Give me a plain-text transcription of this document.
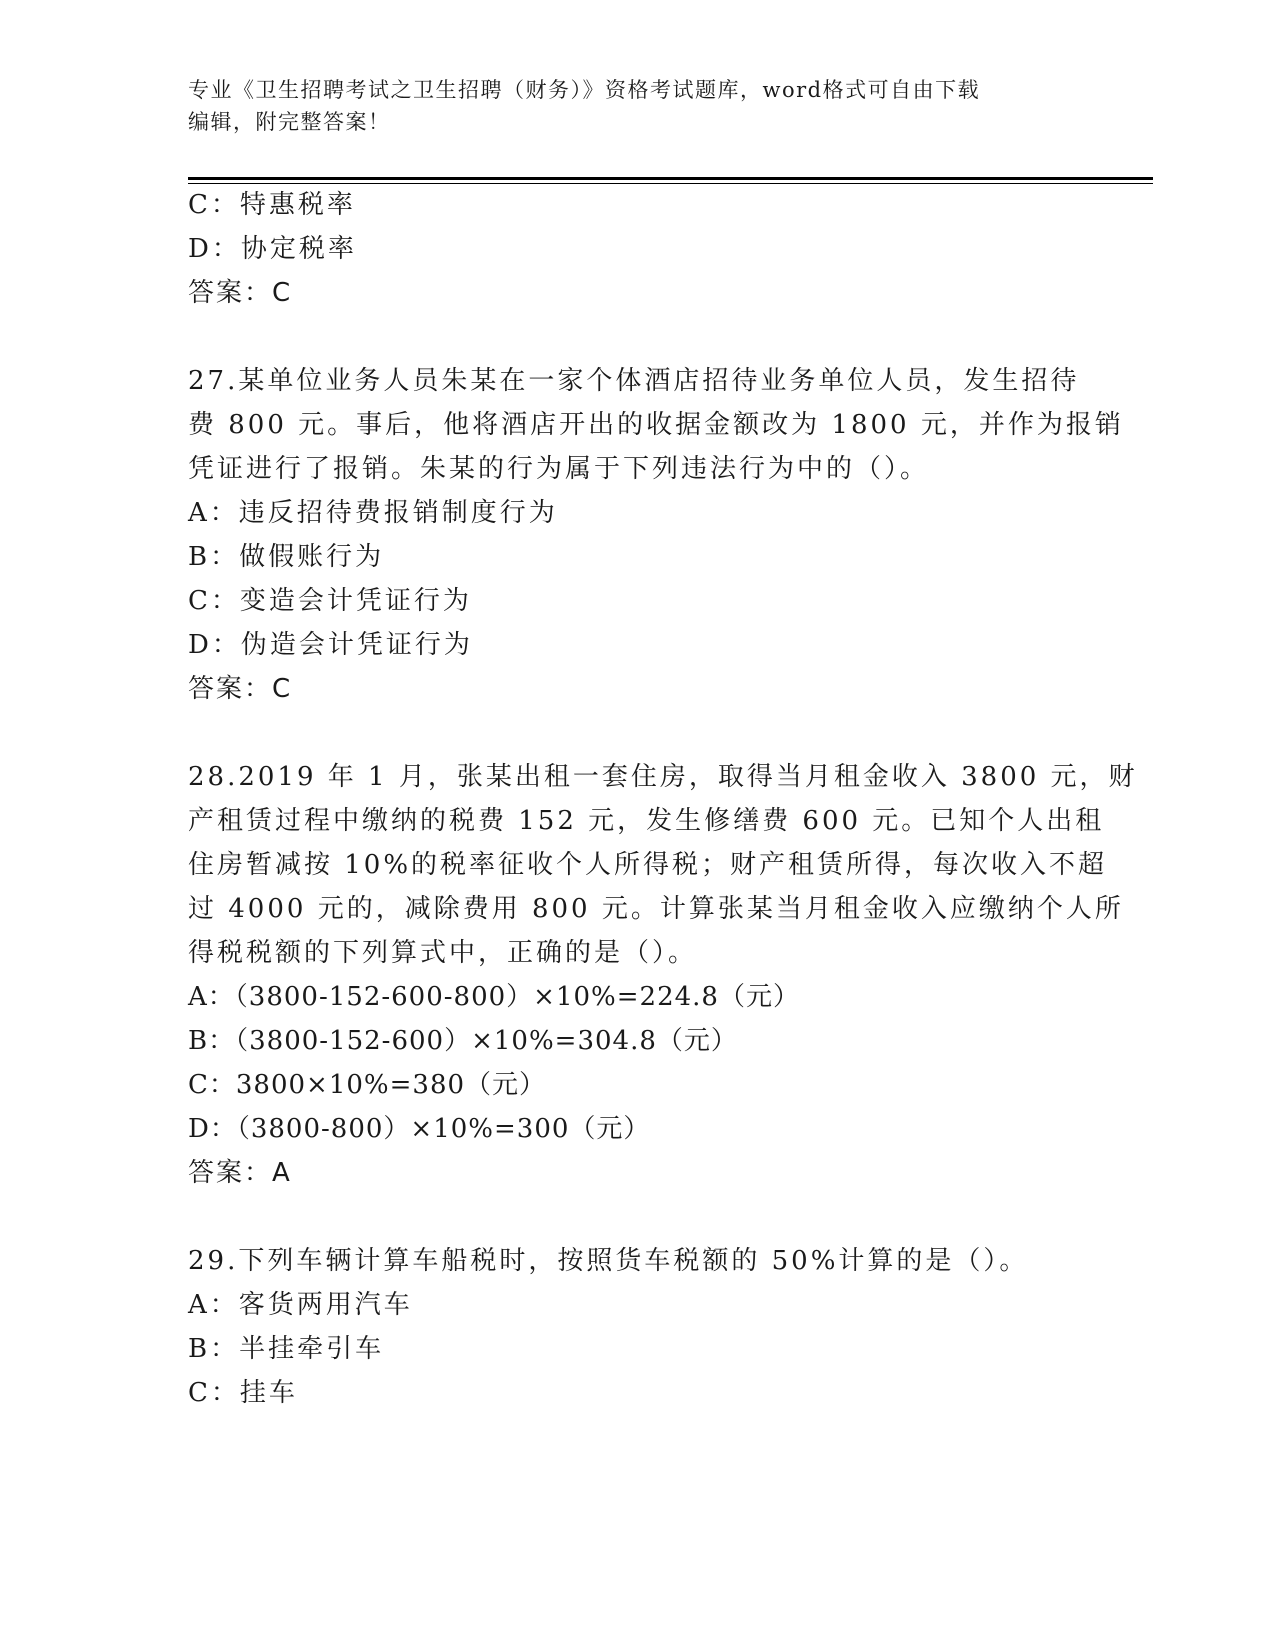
专业《卫生招聘考试之卫生招聘（财务）》资格考试题库，word格式可自由下载
编辑，附完整答案！
C：特惠税率
D：协定税率
答案：C
27.某单位业务人员朱某在一家个体酒店招待业务单位人员，发生招待
费 800 元。事后，他将酒店开出的收据金额改为 1800 元，并作为报销
凭证进行了报销。朱某的行为属于下列违法行为中的（）。
A：违反招待费报销制度行为
B：做假账行为
C：变造会计凭证行为
D：伪造会计凭证行为
答案：C
28.2019 年 1 月，张某出租一套住房，取得当月租金收入 3800 元，财
产租赁过程中缴纳的税费 152 元，发生修缮费 600 元。已知个人出租
住房暂减按 10%的税率征收个人所得税；财产租赁所得，每次收入不超
过 4000 元的，减除费用 800 元。计算张某当月租金收入应缴纳个人所
得税税额的下列算式中，正确的是（）。
A：（3800-152-600-800）×10%=224.8（元）
B：（3800-152-600）×10%=304.8（元）
C：3800×10%=380（元）
D：（3800-800）×10%=300（元）
答案：A
29.下列车辆计算车船税时，按照货车税额的 50%计算的是（）。
A：客货两用汽车
B：半挂牵引车
C：挂车
